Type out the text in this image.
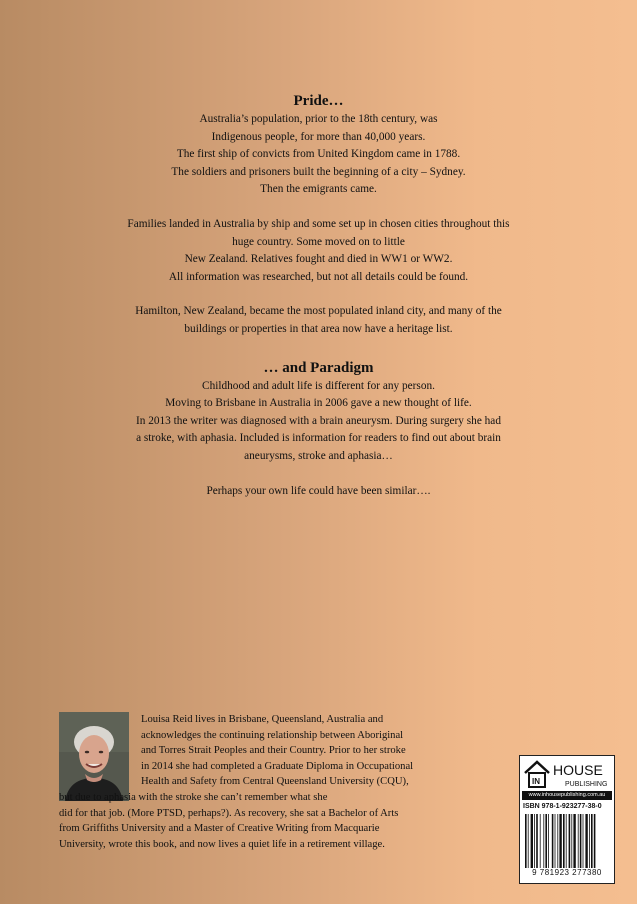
Pride…
Australia’s population, prior to the 18th century, was
Indigenous people, for more than 40,000 years.
The first ship of convicts from United Kingdom came in 1788.
The soldiers and prisoners built the beginning of a city – Sydney.
Then the emigrants came.
Families landed in Australia by ship and some set up in chosen cities throughout this
huge country. Some moved on to little
New Zealand. Relatives fought and died in WW1 or WW2.
All information was researched, but not all details could be found.
Hamilton, New Zealand, became the most populated inland city, and many of the
buildings or properties in that area now have a heritage list.
… and Paradigm
Childhood and adult life is different for any person.
Moving to Brisbane in Australia in 2006 gave a new thought of life.
In 2013 the writer was diagnosed with a brain aneurysm. During surgery she had
a stroke, with aphasia. Included is information for readers to find out about brain
aneurysms, stroke and aphasia…
Perhaps your own life could have been similar….
Louisa Reid lives in Brisbane, Queensland, Australia and
acknowledges the continuing relationship between Aboriginal
and Torres Strait Peoples and their Country. Prior to her stroke
in 2014 she had completed a Graduate Diploma in Occupational
Health and Safety from Central Queensland University (CQU),
but due to aphasia with the stroke she can’t remember what she
did for that job. (More PTSD, perhaps?). As recovery, she sat a Bachelor of Arts
from Griffiths University and a Master of Creative Writing from Macquarie
University, wrote this book, and now lives a quiet life in a retirement village.
IN
HOUSE
PUBLISHING
www.inhousepublishing.com.au
ISBN 978-1-923277-38-0
9 781923 277380
